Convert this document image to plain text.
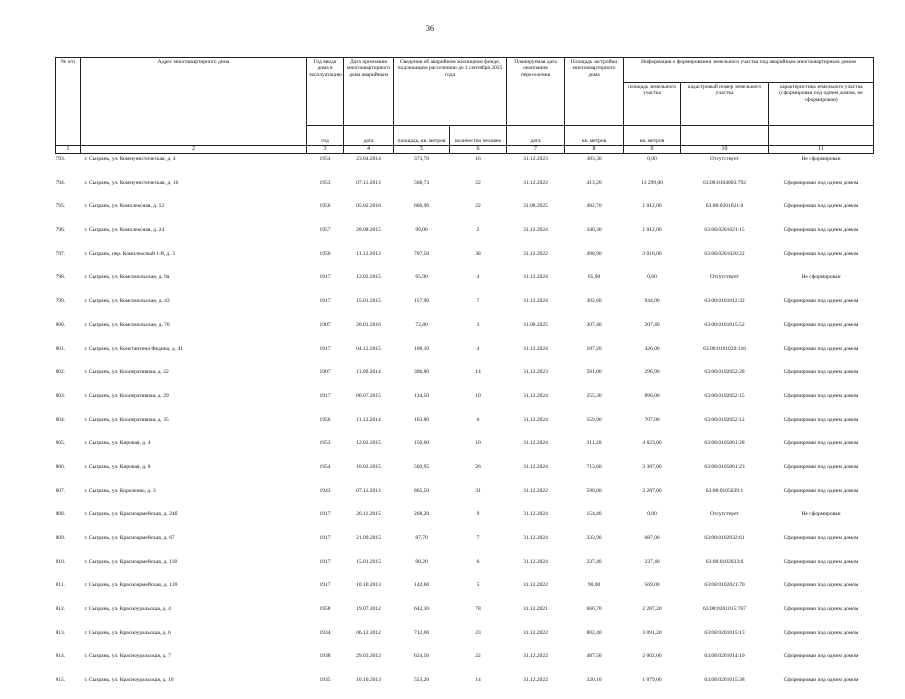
36
№ п/п	Адрес многоквартирного дома	Год ввода дома в эксплуатацию	Дата признания многоквартирного дома аварийным	Сведения об аварийном жилищном фонде, подлежащем расселению до 1 сентября 2025 года		Планируемая дата окончания переселения	Площадь застройки многоквартирного дома	Информация о формировании земельного участка под аварийным многоквартирным домом		
								площадь земельного участка	кадастровый номер земельного участка	характеристика земельного участка (сформирован под одним домом, не сформирован)
		год	дата	площадь, кв. метров	количество человек	дата	кв. метров	кв. метров		
1	2	3	4	5	6	7	8	9	10	11
793.	г. Сызрань, ул. Коммунистическая, д. 4	1954	23.04.2014	373,70	16	31.12.2023	383,30	0,00	Отсутствует	Не сформирован
794.	г. Сызрань, ул. Коммунистическая, д. 16	1953	07.11.2013	568,73	22	31.12.2022	413,20	13 299,00	63:08:0104003:792	Сформирован под одним домом
795.	г. Сызрань, ул. Комплексная, д. 12	1956	05.02.2016	666,90	22	31.08.2025	482,70	1 012,00	63:08:0201021:6	Сформирован под одним домом
796.	г. Сызрань, ул. Комплексная, д. 24	1957	28.08.2015	99,00	2	31.12.2024	340,30	1 012,00	63:08:0201021:15	Сформирован под одним домом
797.	г. Сызрань, пер. Комплексный 1-й, д. 3	1950	11.12.2013	707,50	38	31.12.2022	498,90	3 016,00	63:08:0201020:22	Сформирован под одним домом
798.	г. Сызрань, ул. Комсомольская, д. 9а	1917	12.02.2015	65,90	4	31.12.2024	65,90	0,00	Отсутствует	Не сформирован
799.	г. Сызрань, ул. Комсомольская, д. 43	1917	15.01.2015	157,90	7	31.12.2024	302,60	944,00	63:08:0101012:32	Сформирован под одним домом
800.	г. Сызрань, ул. Комсомольская, д. 76	1907	20.01.2016	72,80	3	31.08.2025	207,40	207,40	63:08:0101015:52	Сформирован под одним домом
801.	г. Сызрань, ул. Константина Федина, д. 41	1917	04.12.2015	108,10	4	31.12.2024	187,20	426,00	63:08:0101020:116	Сформирован под одним домом
802.	г. Сызрань, ул. Кооперативная, д. 22	1907	11.09.2014	306,80	14	31.12.2023	581,00	296,90	63:08:0102052:28	Сформирован под одним домом
803.	г. Сызрань, ул. Кооперативная, д. 29	1917	06.07.2015	134,50	10	31.12.2024	255,30	896,00	63:08:0102052:15	Сформирован под одним домом
804.	г. Сызрань, ул. Кооперативная, д. 35	1956	11.12.2014	163,80	6	31.12.2024	559,90	707,00	63:08:0102052:12	Сформирован под одним домом
805.	г. Сызрань, ул. Кировая, д. 4	1953	12.02.2015	150,60	10	31.12.2024	311,20	4 823,00	63:08:0105061:28	Сформирован под одним домом
806.	г. Сызрань, ул. Кировая, д. 8	1954	10.02.2015	569,95	26	31.12.2024	713,60	3 387,00	63:08:0105061:23	Сформирован под одним домом
807.	г. Сызрань, ул. Короленко, д. 3	1943	07.11.2013	865,50	31	31.12.2022	590,00	3 287,00	63:08:0105039:1	Сформирован под одним домом
808.	г. Сызрань, ул. Красноармейская, д. 24б	1917	26.11.2015	268,20	9	31.12.2024	154,40	0,00	Отсутствует	Не сформирован
809.	г. Сызрань, ул. Красноармейская, д. 67	1917	21.09.2015	87,70	7	31.12.2024	333,90	687,00	63:08:0102032:61	Сформирован под одним домом
810.	г. Сызрань, ул. Красноармейская, д. 118	1917	15.01.2015	98,20	6	31.12.2024	237,40	237,40	63:08:0102033:6	Сформирован под одним домом
811.	г. Сызрань, ул. Красноармейская, д. 120	1917	10.10.2013	142,60	5	31.12.2022	90,00	569,00	63:08:0102021:70	Сформирован под одним домом
812.	г. Сызрань, ул. Красноуральская, д. 4	1958	19.07.2012	642,30	78	31.12.2021	660,70	2 287,20	63:08:0201015:767	Сформирован под одним домом
813.	г. Сызрань, ул. Красноуральская, д. 6	1934	06.12.2012	712,00	23	31.12.2022	802,40	3 091,20	63:08:0201015:13	Сформирован под одним домом
814.	г. Сызрань, ул. Красноуральская, д. 7	1938	29.03.2012	624,50	22	31.12.2022	487,50	2 002,00	63:08:0201014:10	Сформирован под одним домом
815.	г. Сызрань, ул. Красноуральская, д. 10	1935	10.10.2013	553,20	14	31.12.2022	320,10	1 079,00	63:08:0201015:38	Сформирован под одним домом
˙
